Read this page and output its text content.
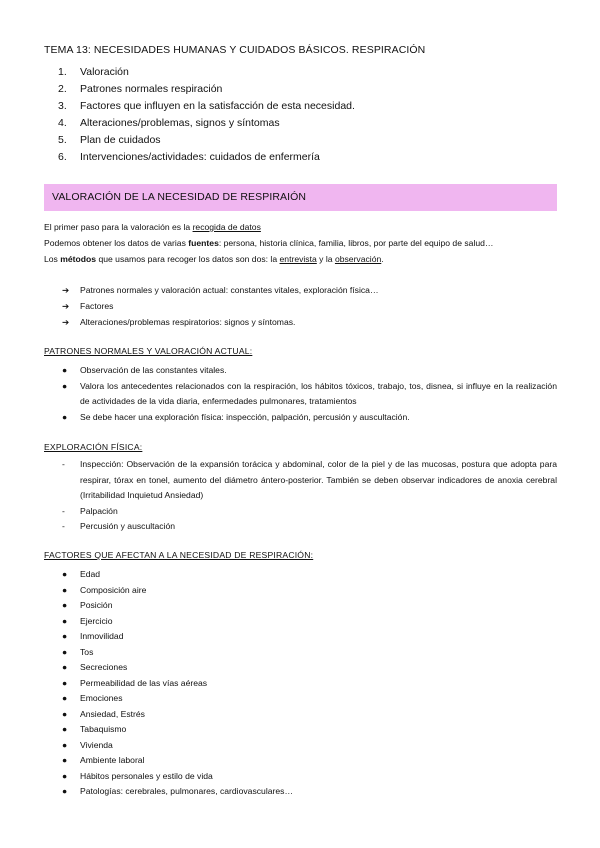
TEMA 13: NECESIDADES HUMANAS Y CUIDADOS BÁSICOS. RESPIRACIÓN
1. Valoración
2. Patrones normales respiración
3. Factores que influyen en la satisfacción de esta necesidad.
4. Alteraciones/problemas, signos y síntomas
5. Plan de cuidados
6. Intervenciones/actividades: cuidados de enfermería
VALORACIÓN DE LA NECESIDAD DE RESPIRAIÓN
El primer paso para la valoración es la recogida de datos
Podemos obtener los datos de varias fuentes: persona, historia clínica, familia, libros, por parte del equipo de salud…
Los métodos que usamos para recoger los datos son dos: la entrevista y la observación.
➔ Patrones normales y valoración actual: constantes vitales, exploración física…
➔ Factores
➔ Alteraciones/problemas respiratorios: signos y síntomas.
PATRONES NORMALES Y VALORACIÓN ACTUAL:
●	Observación de las constantes vitales.
●	Valora los antecedentes relacionados con la respiración, los hábitos tóxicos, trabajo, tos, disnea, si influye en la realización de actividades de la vida diaria, enfermedades pulmonares, tratamientos
●	Se debe hacer una exploración física: inspección, palpación, percusión y auscultación.
EXPLORACIÓN FÍSICA:
-	Inspección: Observación de la expansión torácica y abdominal, color de la piel y de las mucosas, postura que adopta para respirar, tórax en tonel, aumento del diámetro ántero-posterior. También se deben observar indicadores de anoxia cerebral (Irritabilidad Inquietud Ansiedad)
-	Palpación
-	Percusión y auscultación
FACTORES QUE AFECTAN A LA NECESIDAD DE RESPIRACIÓN:
●	Edad
●	Composición aire
●	Posición
●	Ejercicio
●	Inmovilidad
●	Tos
●	Secreciones
●	Permeabilidad de las vías aéreas
●	Emociones
●	Ansiedad, Estrés
●	Tabaquismo
●	Vivienda
●	Ambiente laboral
●	Hábitos personales y estilo de vida
●	Patologías: cerebrales, pulmonares, cardiovasculares…
